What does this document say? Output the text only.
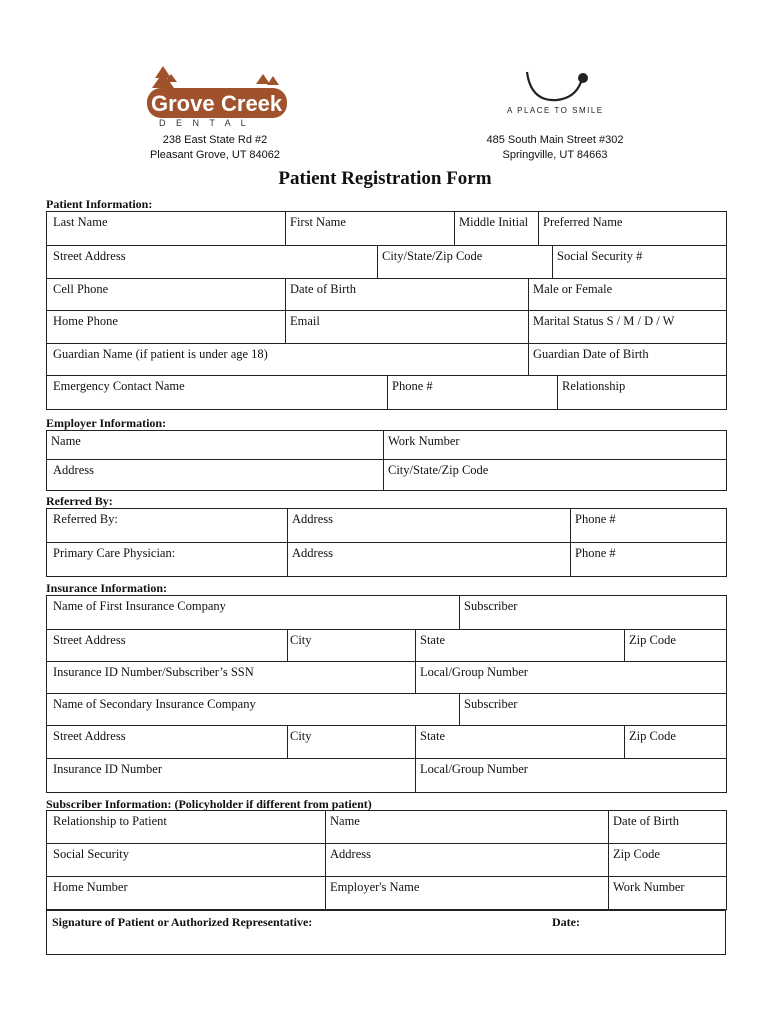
Grove Creek
D E N T A L
A PLACE TO SMILE
238 East State Rd #2
Pleasant Grove, UT 84062
485 South Main Street #302
Springville, UT 84663
Patient Registration Form
Patient Information:
Last Name	First Name	Middle Initial	Preferred Name
Street Address	City/State/Zip Code	Social Security #
Cell Phone	Date of Birth	Male or Female
Home Phone	Email	Marital Status S / M / D / W
Guardian Name (if patient is under age 18)	Guardian Date of Birth
Emergency Contact Name	Phone #	Relationship
Employer Information:
Name	Work Number
Address	City/State/Zip Code
Referred By:
Referred By:	Address	Phone #
Primary Care Physician:	Address	Phone #
Insurance Information:
Name of First Insurance Company	Subscriber
Street Address	City	State	Zip Code
Insurance ID Number/Subscriber’s SSN	Local/Group Number
Name of Secondary Insurance Company	Subscriber
Street Address	City	State	Zip Code
Insurance ID Number	Local/Group Number
Subscriber Information: (Policyholder if different from patient)
Relationship to Patient	Name	Date of Birth
Social Security	Address	Zip Code
Home Number	Employer's Name	Work Number
Signature of Patient or Authorized Representative:	Date:
